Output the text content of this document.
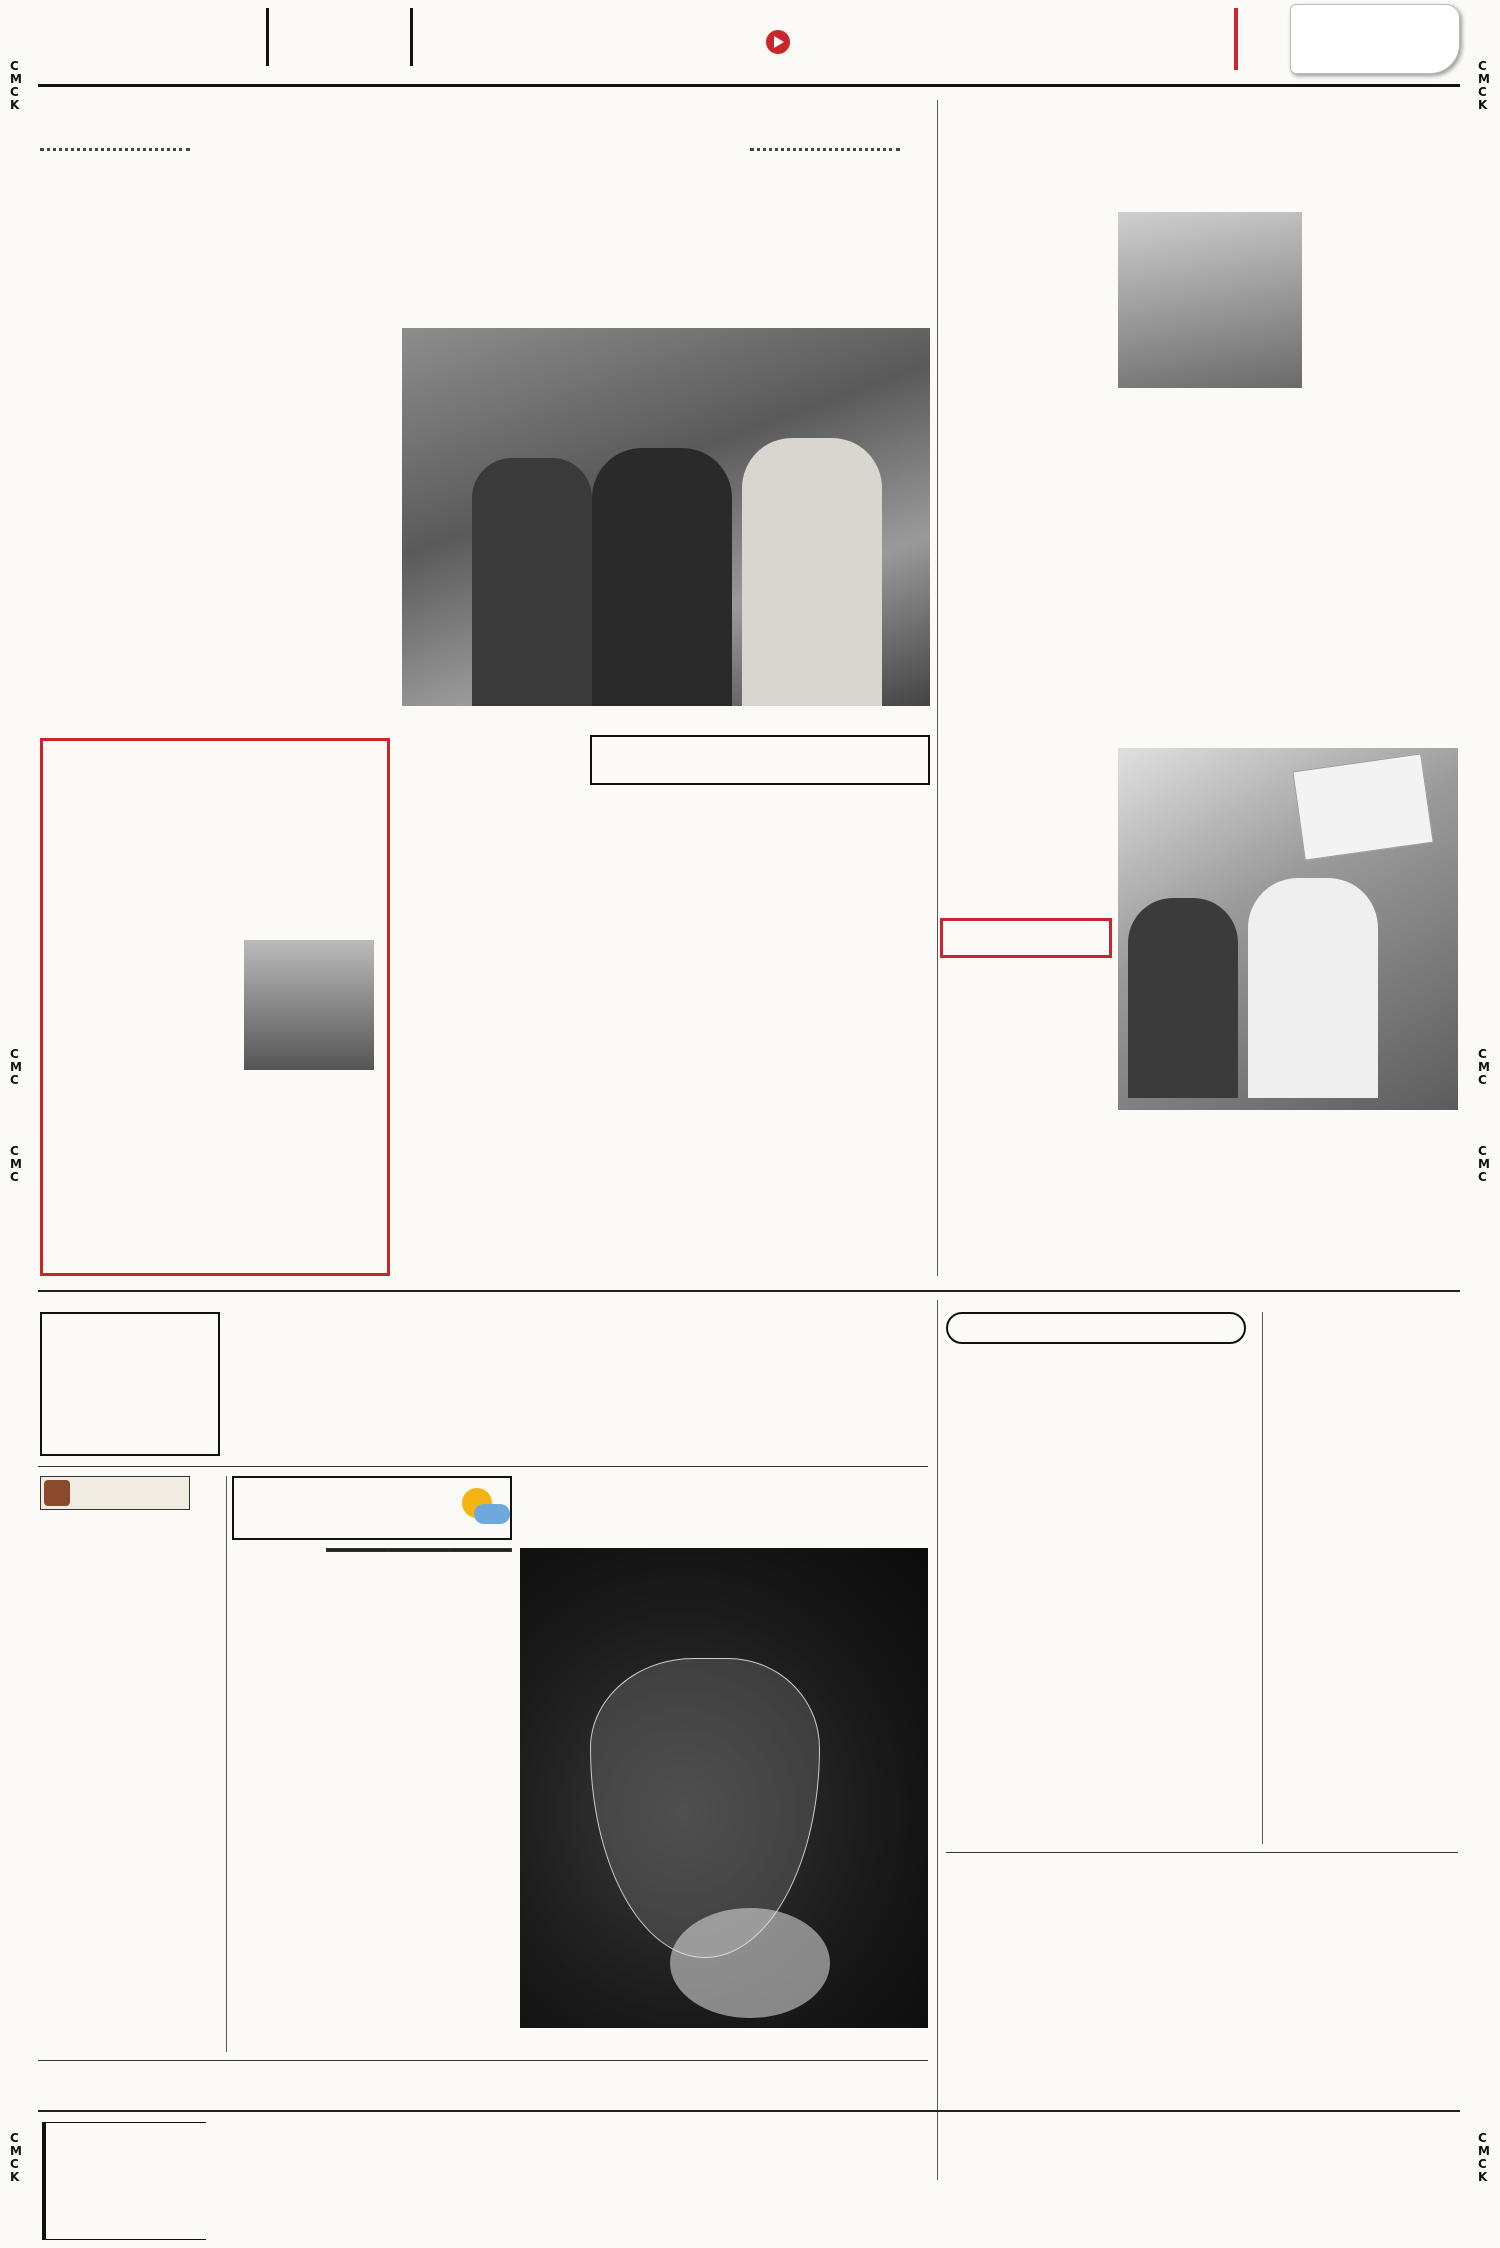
C
M
C
K
C
M
C
K
C
M
C
C
M
C
C
M
C
C
M
C
C
M
C
K
C
M
C
K
